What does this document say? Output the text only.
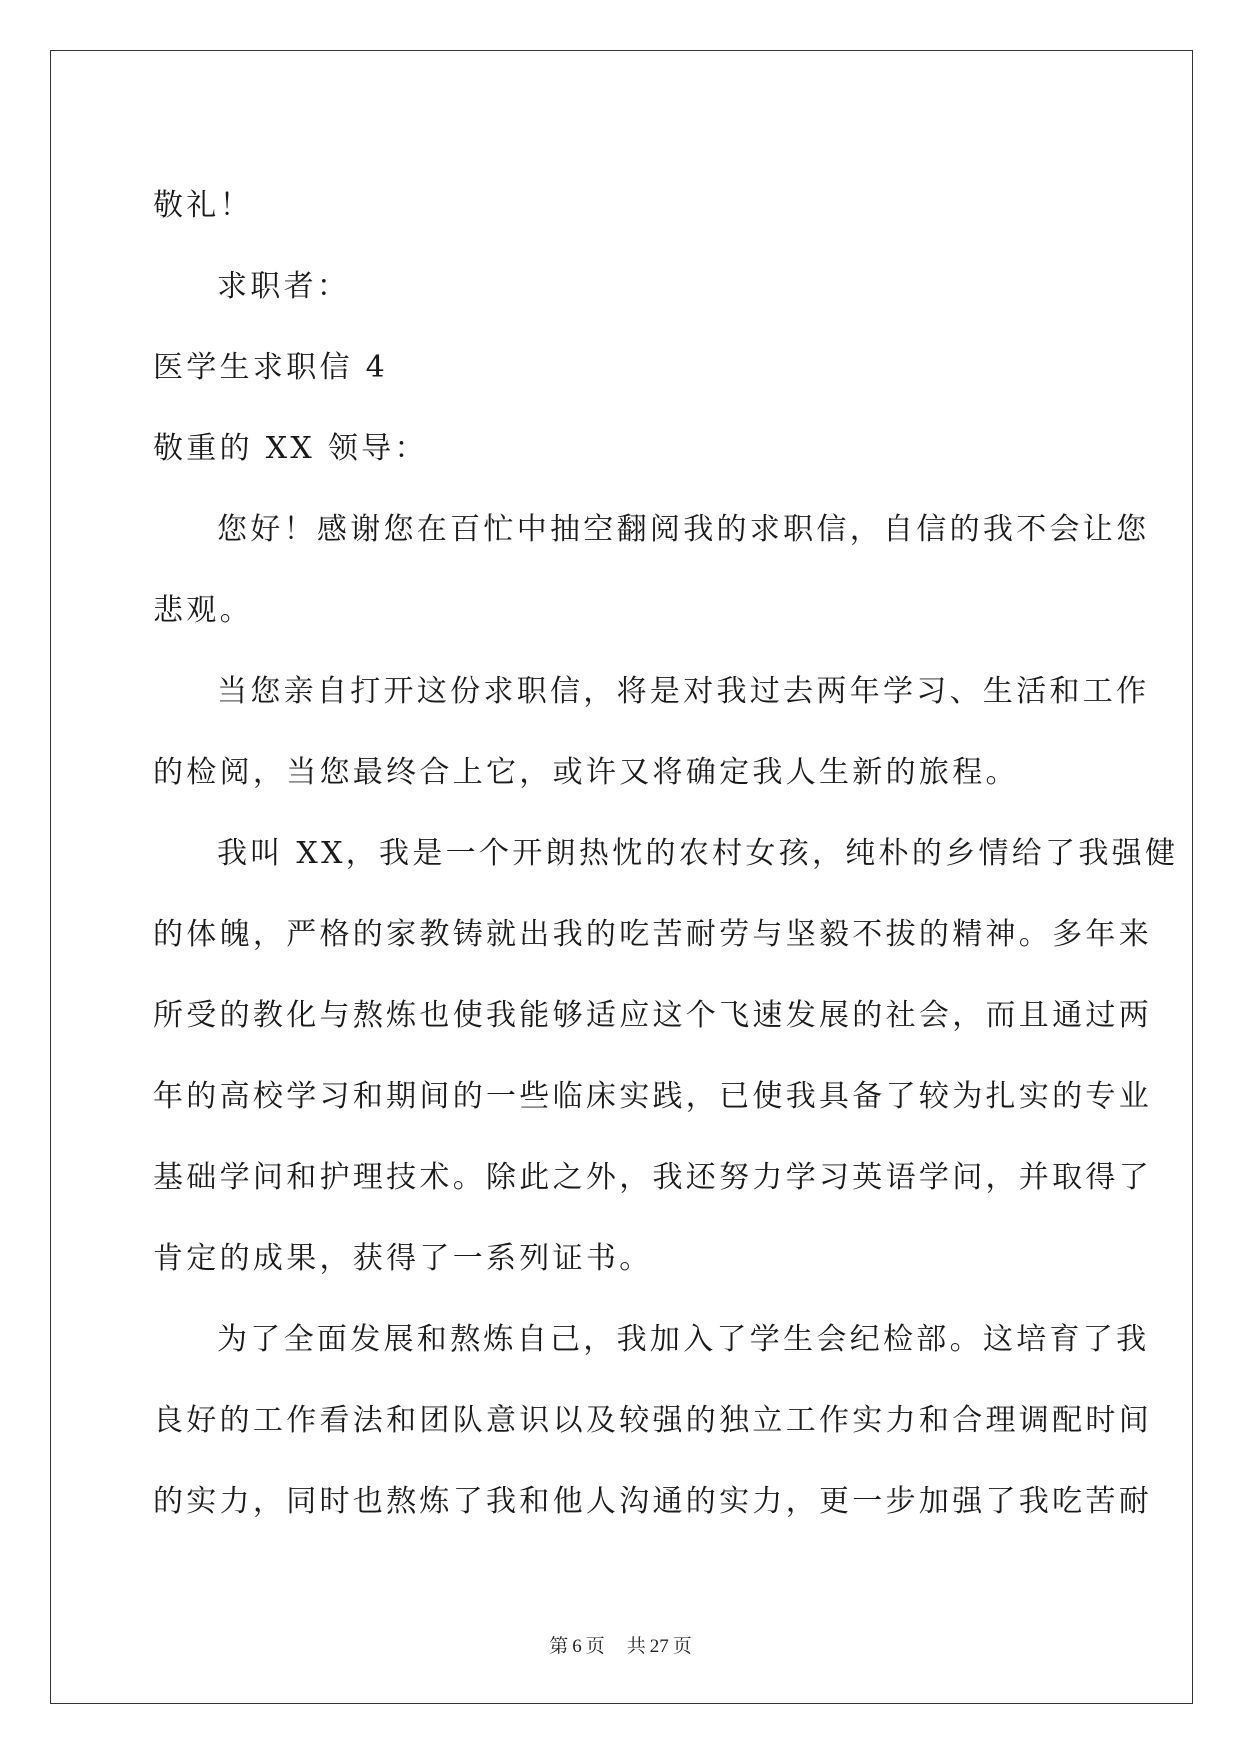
敬礼！

求职者：

医学生求职信 4

敬重的 XX 领导：

您好！感谢您在百忙中抽空翻阅我的求职信，自信的我不会让您

悲观。

当您亲自打开这份求职信，将是对我过去两年学习、生活和工作

的检阅，当您最终合上它，或许又将确定我人生新的旅程。

我叫 XX，我是一个开朗热忱的农村女孩，纯朴的乡情给了我强健

的体魄，严格的家教铸就出我的吃苦耐劳与坚毅不拔的精神。多年来

所受的教化与熬炼也使我能够适应这个飞速发展的社会，而且通过两

年的高校学习和期间的一些临床实践，已使我具备了较为扎实的专业

基础学问和护理技术。除此之外，我还努力学习英语学问，并取得了

肯定的成果，获得了一系列证书。

为了全面发展和熬炼自己，我加入了学生会纪检部。这培育了我

良好的工作看法和团队意识以及较强的独立工作实力和合理调配时间

的实力，同时也熬炼了我和他人沟通的实力，更一步加强了我吃苦耐

第 6 页 共 27 页
